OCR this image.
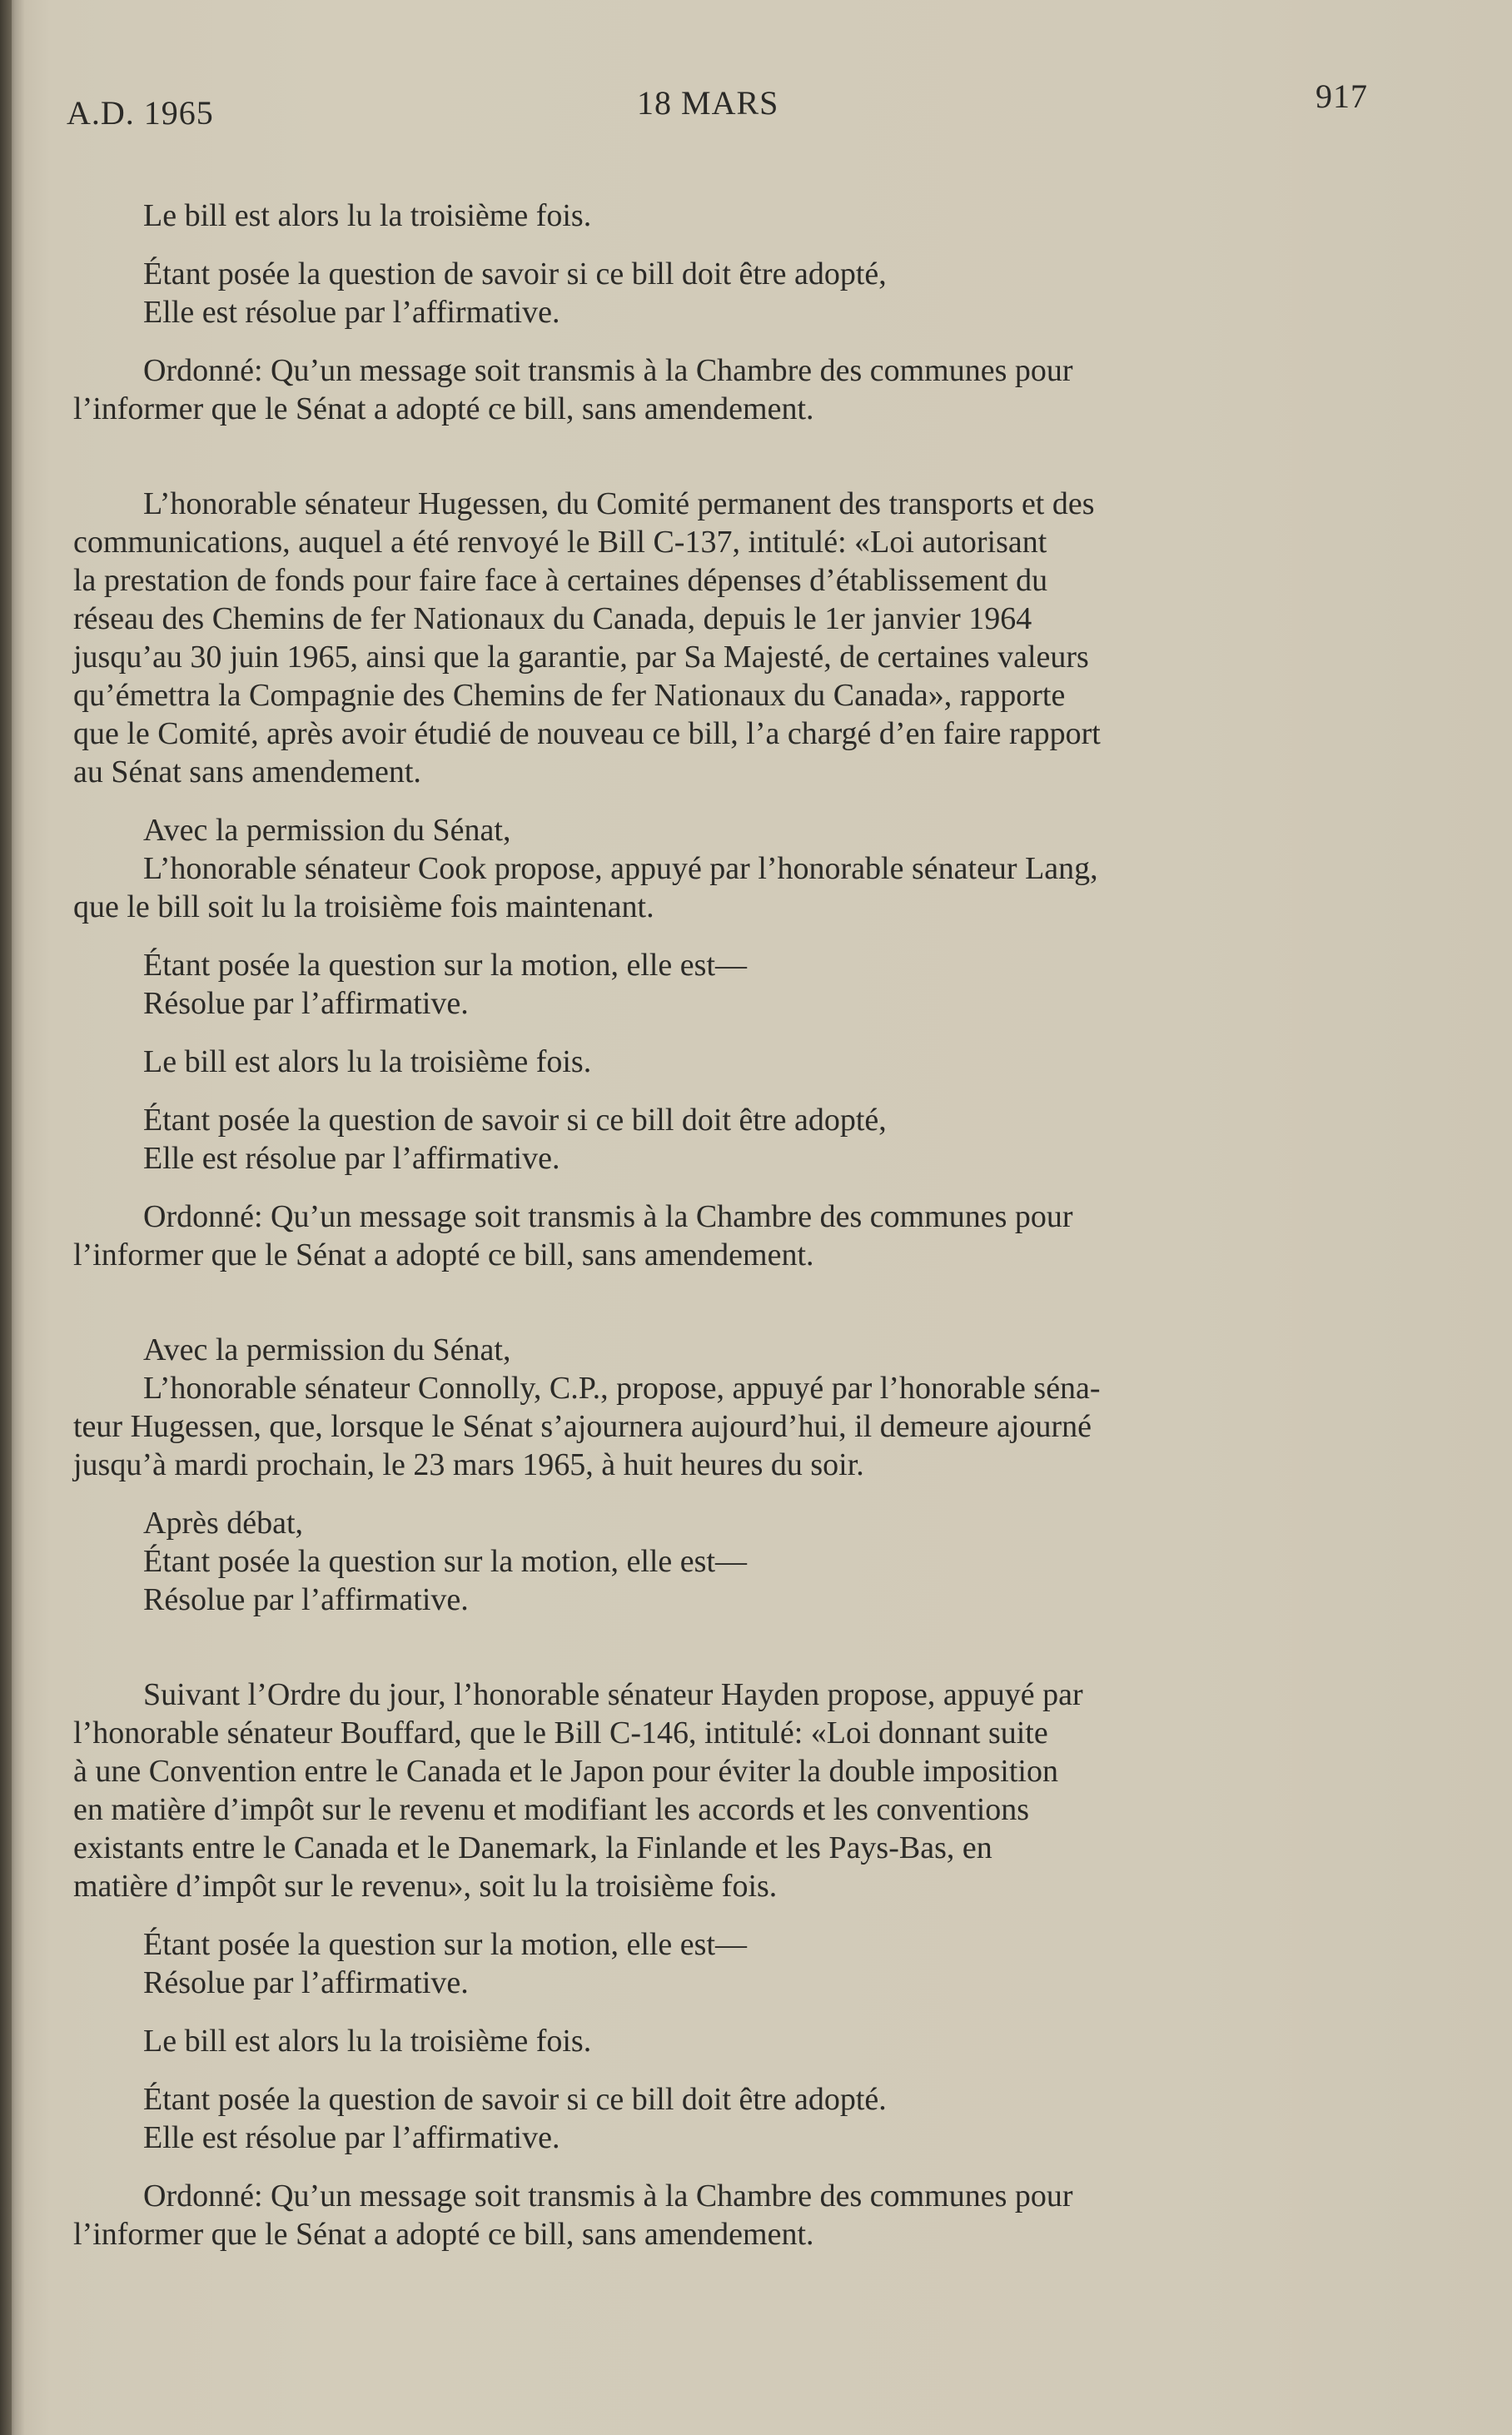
A.D. 1965	18 MARS	917

Le bill est alors lu la troisième fois.

Étant posée la question de savoir si ce bill doit être adopté,
Elle est résolue par l’affirmative.

Ordonné: Qu’un message soit transmis à la Chambre des communes pour
l’informer que le Sénat a adopté ce bill, sans amendement.

L’honorable sénateur Hugessen, du Comité permanent des transports et des
communications, auquel a été renvoyé le Bill C-137, intitulé: «Loi autorisant
la prestation de fonds pour faire face à certaines dépenses d’établissement du
réseau des Chemins de fer Nationaux du Canada, depuis le 1er janvier 1964
jusqu’au 30 juin 1965, ainsi que la garantie, par Sa Majesté, de certaines valeurs
qu’émettra la Compagnie des Chemins de fer Nationaux du Canada», rapporte
que le Comité, après avoir étudié de nouveau ce bill, l’a chargé d’en faire rapport
au Sénat sans amendement.

Avec la permission du Sénat,
L’honorable sénateur Cook propose, appuyé par l’honorable sénateur Lang,
que le bill soit lu la troisième fois maintenant.

Étant posée la question sur la motion, elle est—
Résolue par l’affirmative.

Le bill est alors lu la troisième fois.

Étant posée la question de savoir si ce bill doit être adopté,
Elle est résolue par l’affirmative.

Ordonné: Qu’un message soit transmis à la Chambre des communes pour
l’informer que le Sénat a adopté ce bill, sans amendement.

Avec la permission du Sénat,
L’honorable sénateur Connolly, C.P., propose, appuyé par l’honorable séna-
teur Hugessen, que, lorsque le Sénat s’ajournera aujourd’hui, il demeure ajourné
jusqu’à mardi prochain, le 23 mars 1965, à huit heures du soir.

Après débat,
Étant posée la question sur la motion, elle est—
Résolue par l’affirmative.

Suivant l’Ordre du jour, l’honorable sénateur Hayden propose, appuyé par
l’honorable sénateur Bouffard, que le Bill C-146, intitulé: «Loi donnant suite
à une Convention entre le Canada et le Japon pour éviter la double imposition
en matière d’impôt sur le revenu et modifiant les accords et les conventions
existants entre le Canada et le Danemark, la Finlande et les Pays-Bas, en
matière d’impôt sur le revenu», soit lu la troisième fois.

Étant posée la question sur la motion, elle est—
Résolue par l’affirmative.

Le bill est alors lu la troisième fois.

Étant posée la question de savoir si ce bill doit être adopté.
Elle est résolue par l’affirmative.

Ordonné: Qu’un message soit transmis à la Chambre des communes pour
l’informer que le Sénat a adopté ce bill, sans amendement.
